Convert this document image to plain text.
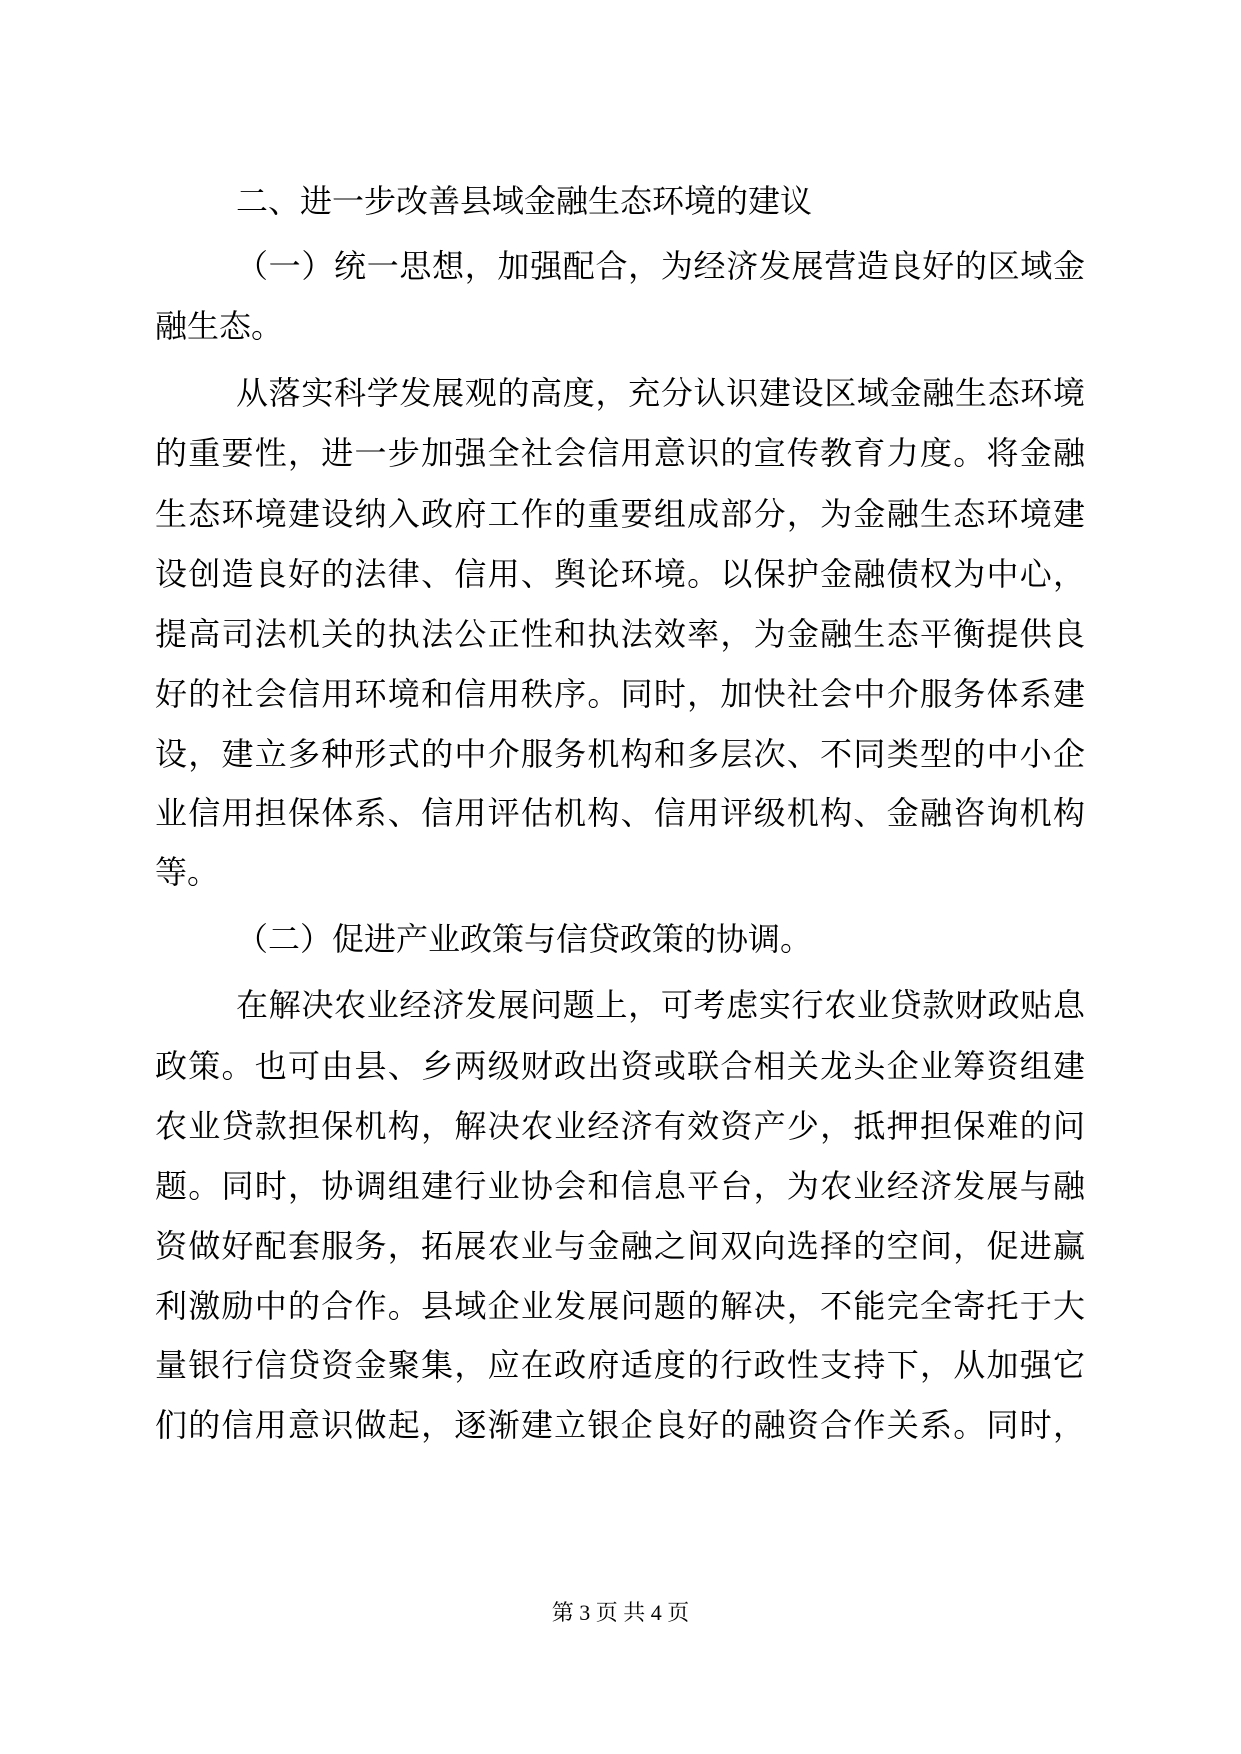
二、进一步改善县域金融生态环境的建议
（一）统一思想，加强配合，为经济发展营造良好的区域金
融生态。
从落实科学发展观的高度，充分认识建设区域金融生态环境
的重要性，进一步加强全社会信用意识的宣传教育力度。将金融
生态环境建设纳入政府工作的重要组成部分，为金融生态环境建
设创造良好的法律、信用、舆论环境。以保护金融债权为中心，
提高司法机关的执法公正性和执法效率，为金融生态平衡提供良
好的社会信用环境和信用秩序。同时，加快社会中介服务体系建
设，建立多种形式的中介服务机构和多层次、不同类型的中小企
业信用担保体系、信用评估机构、信用评级机构、金融咨询机构
等。
（二）促进产业政策与信贷政策的协调。
在解决农业经济发展问题上，可考虑实行农业贷款财政贴息
政策。也可由县、乡两级财政出资或联合相关龙头企业筹资组建
农业贷款担保机构，解决农业经济有效资产少，抵押担保难的问
题。同时，协调组建行业协会和信息平台，为农业经济发展与融
资做好配套服务，拓展农业与金融之间双向选择的空间，促进赢
利激励中的合作。县域企业发展问题的解决，不能完全寄托于大
量银行信贷资金聚集，应在政府适度的行政性支持下，从加强它
们的信用意识做起，逐渐建立银企良好的融资合作关系。同时，
第 3 页 共 4 页
